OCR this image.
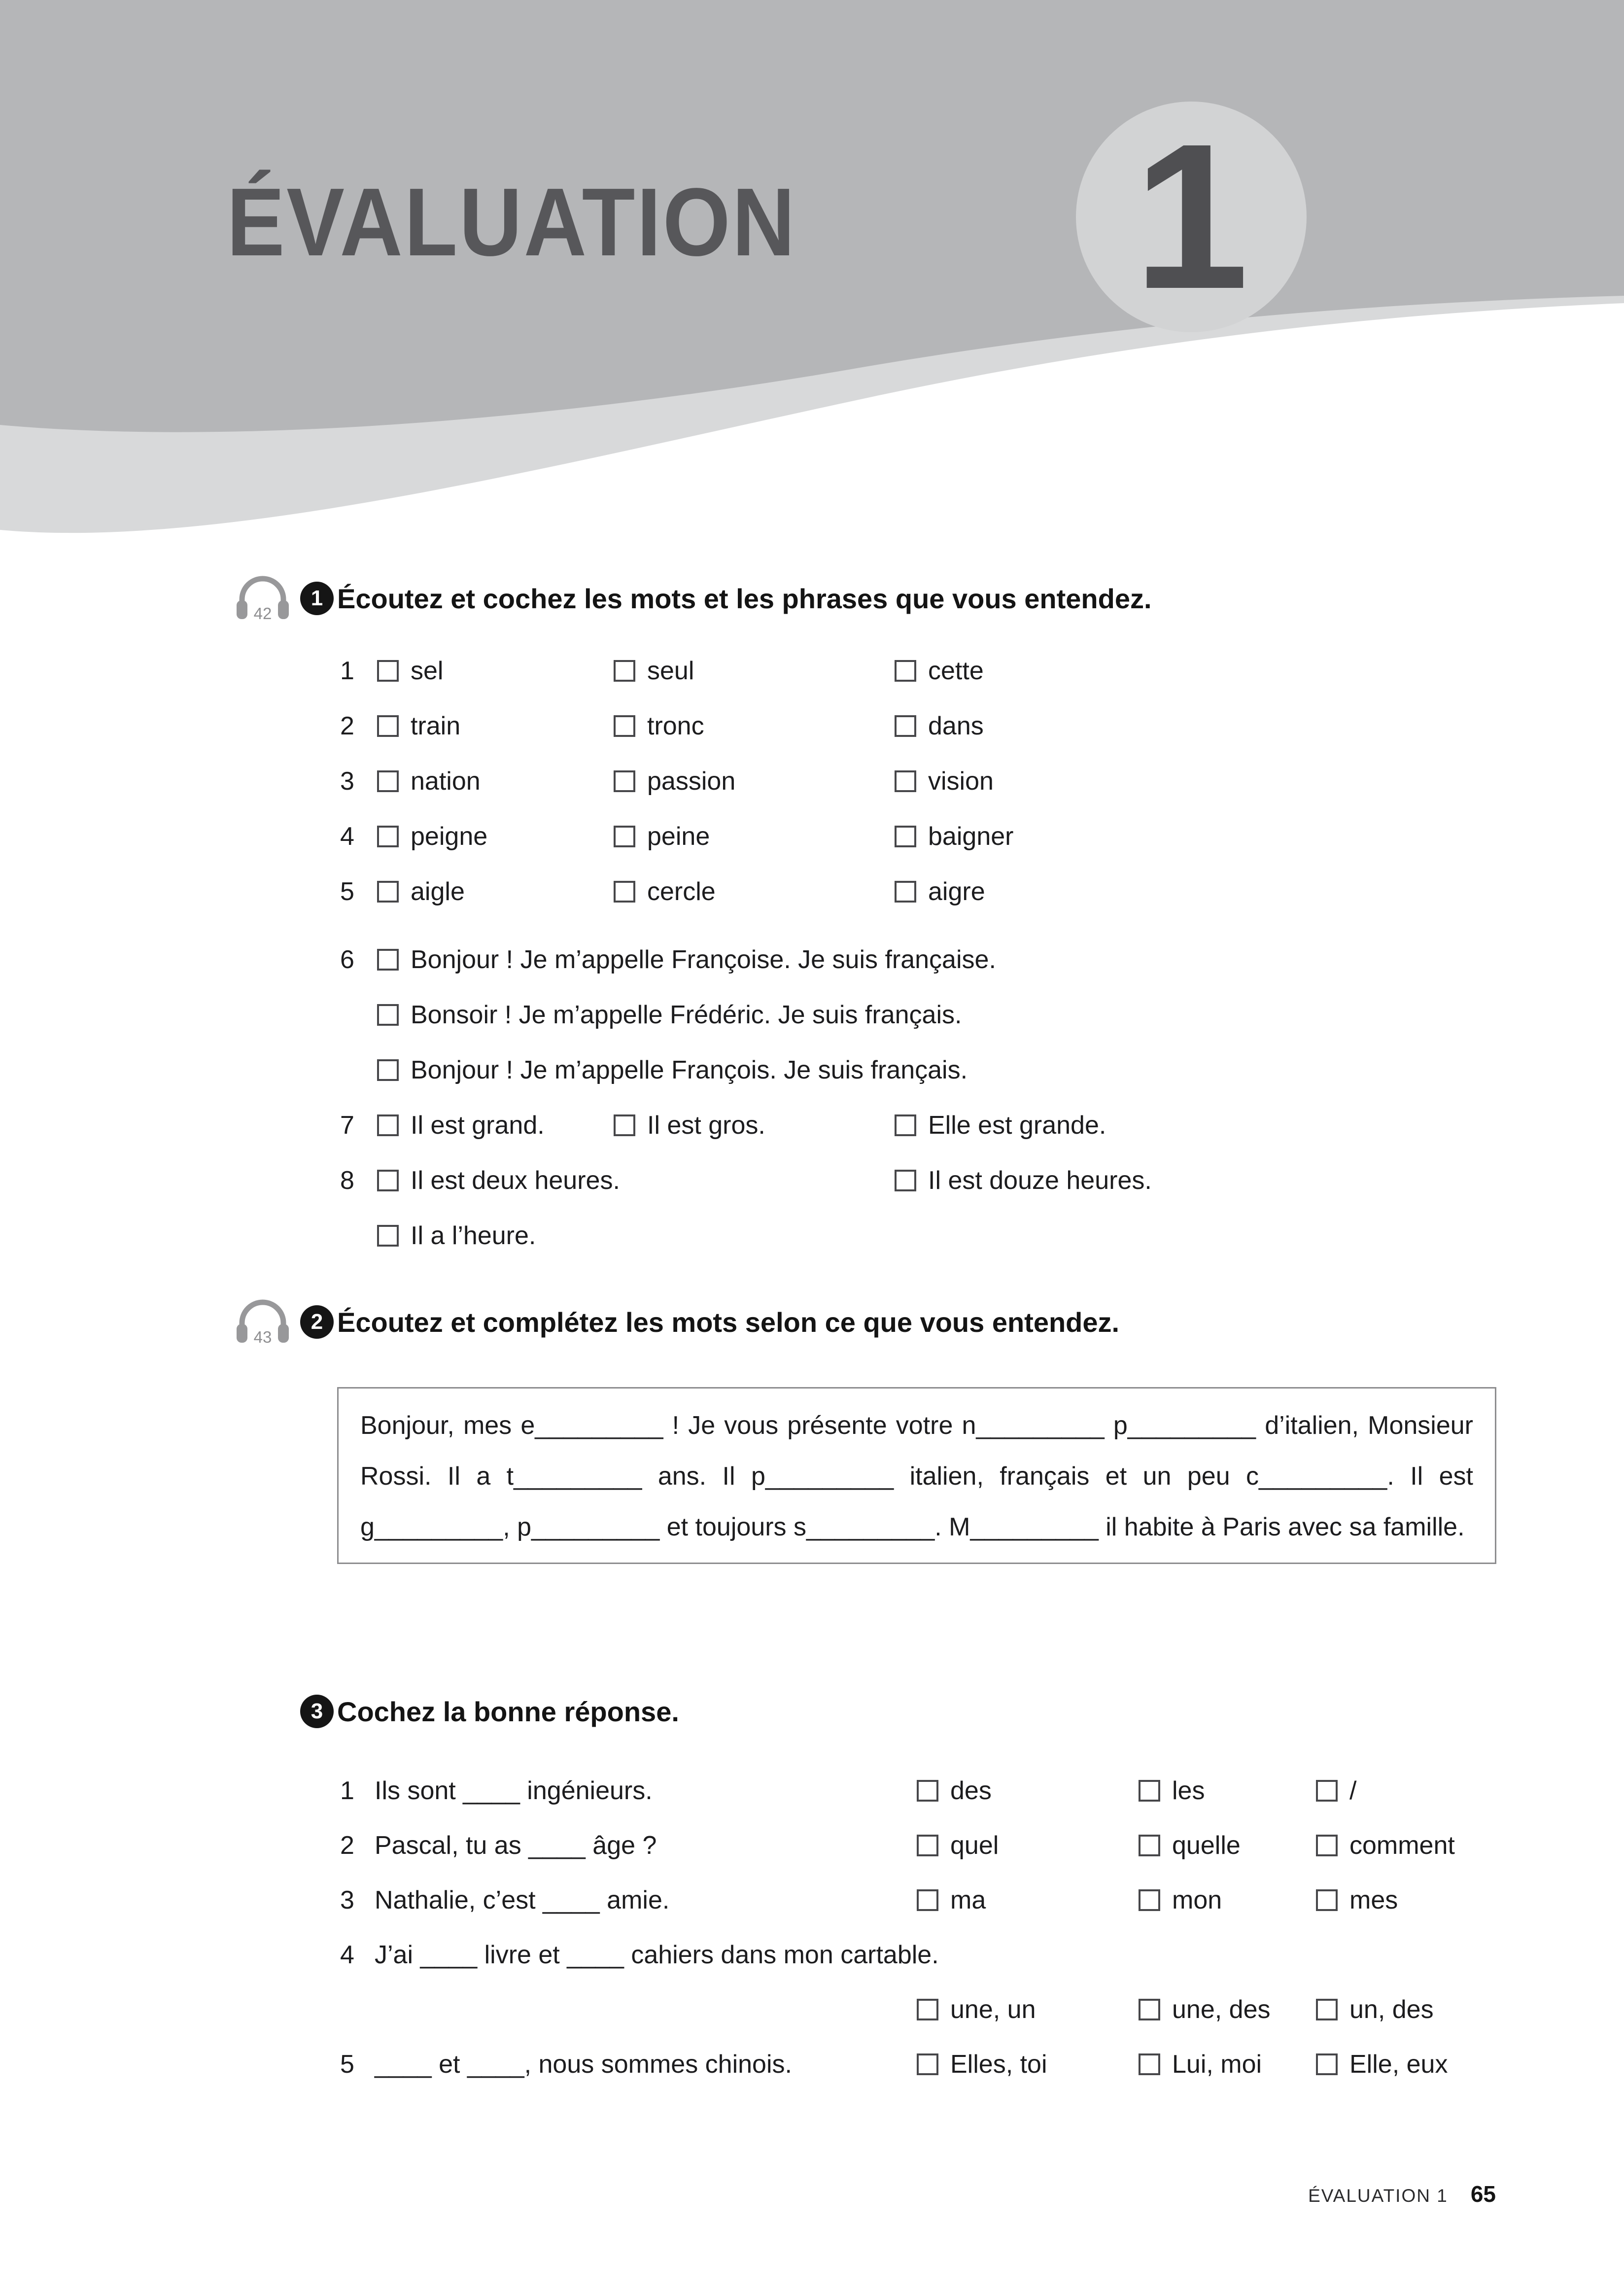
ÉVALUATION 1
42
1 Écoutez et cochez les mots et les phrases que vous entendez.
1	sel	seul	cette
2	train	tronc	dans
3	nation	passion	vision
4	peigne	peine	baigner
5	aigle	cercle	aigre
6	Bonjour ! Je m’appelle Françoise. Je suis française.
Bonsoir ! Je m’appelle Frédéric. Je suis français.
Bonjour ! Je m’appelle François. Je suis français.
7	Il est grand.	Il est gros.	Elle est grande.
8	Il est deux heures.	Il est douze heures.
Il a l’heure.
43
2 Écoutez et complétez les mots selon ce que vous entendez.
Bonjour, mes e_________ ! Je vous présente votre n_________ p_________ d’italien, Monsieur Rossi. Il a t_________ ans. Il p_________ italien, français et un peu c_________. Il est g_________, p_________ et toujours s_________. M_________ il habite à Paris avec sa famille.
3 Cochez la bonne réponse.
1 Ils sont ____ ingénieurs.	des	les	/
2 Pascal, tu as ____ âge ?	quel	quelle	comment
3 Nathalie, c’est ____ amie.	ma	mon	mes
4 J’ai ____ livre et ____ cahiers dans mon cartable.
une, un	une, des	un, des
5 ____ et ____, nous sommes chinois.	Elles, toi	Lui, moi	Elle, eux
ÉVALUATION 1 65
